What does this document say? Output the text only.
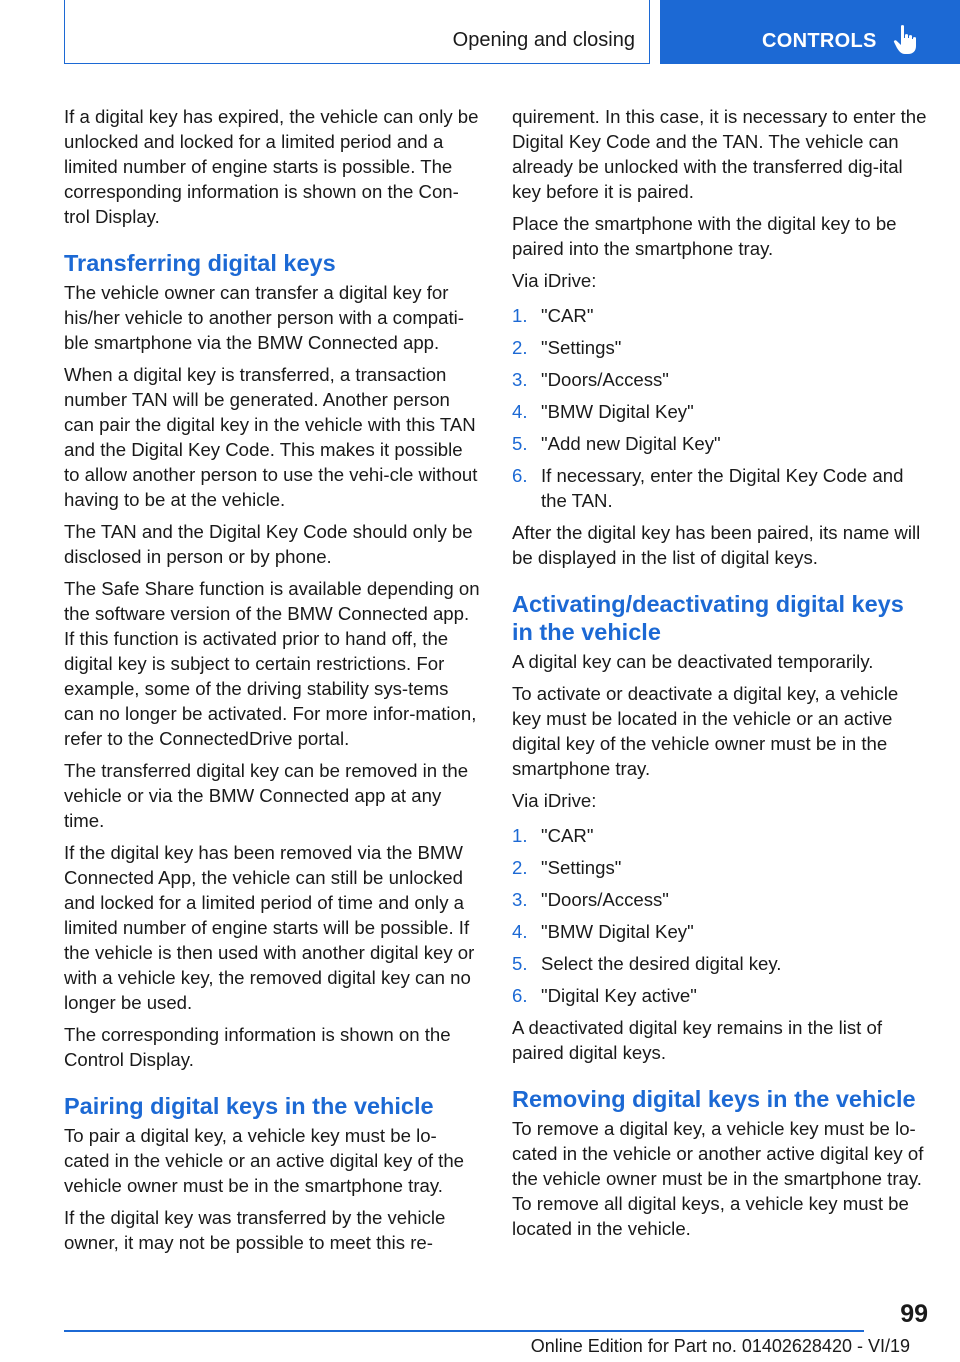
Opening and closing	CONTROLS

If a digital key has expired, the vehicle can only be unlocked and locked for a limited period and a limited number of engine starts is possible. The corresponding information is shown on the Con‐trol Display.

Transferring digital keys

The vehicle owner can transfer a digital key for his/her vehicle to another person with a compati‐ble smartphone via the BMW Connected app.

When a digital key is transferred, a transaction number TAN will be generated. Another person can pair the digital key in the vehicle with this TAN and the Digital Key Code. This makes it possible to allow another person to use the vehi‐cle without having to be at the vehicle.

The TAN and the Digital Key Code should only be disclosed in person or by phone.

The Safe Share function is available depending on the software version of the BMW Connected app. If this function is activated prior to hand off, the digital key is subject to certain restrictions. For example, some of the driving stability sys‐tems can no longer be activated. For more infor‐mation, refer to the ConnectedDrive portal.

The transferred digital key can be removed in the vehicle or via the BMW Connected app at any time.

If the digital key has been removed via the BMW Connected App, the vehicle can still be unlocked and locked for a limited period of time and only a limited number of engine starts will be possible. If the vehicle is then used with another digital key or with a vehicle key, the removed digital key can no longer be used.

The corresponding information is shown on the Control Display.

Pairing digital keys in the vehicle

To pair a digital key, a vehicle key must be lo‐cated in the vehicle or an active digital key of the vehicle owner must be in the smartphone tray.

If the digital key was transferred by the vehicle owner, it may not be possible to meet this re‐

quirement. In this case, it is necessary to enter the Digital Key Code and the TAN. The vehicle can already be unlocked with the transferred dig‐ital key before it is paired.

Place the smartphone with the digital key to be paired into the smartphone tray.

Via iDrive:

1. "CAR"
2. "Settings"
3. "Doors/Access"
4. "BMW Digital Key"
5. "Add new Digital Key"
6. If necessary, enter the Digital Key Code and the TAN.

After the digital key has been paired, its name will be displayed in the list of digital keys.

Activating/deactivating digital keys in the vehicle

A digital key can be deactivated temporarily.

To activate or deactivate a digital key, a vehicle key must be located in the vehicle or an active digital key of the vehicle owner must be in the smartphone tray.

Via iDrive:

1. "CAR"
2. "Settings"
3. "Doors/Access"
4. "BMW Digital Key"
5. Select the desired digital key.
6. "Digital Key active"

A deactivated digital key remains in the list of paired digital keys.

Removing digital keys in the vehicle

To remove a digital key, a vehicle key must be lo‐cated in the vehicle or another active digital key of the vehicle owner must be in the smartphone tray. To remove all digital keys, a vehicle key must be located in the vehicle.

99
Online Edition for Part no. 01402628420 - VI/19
